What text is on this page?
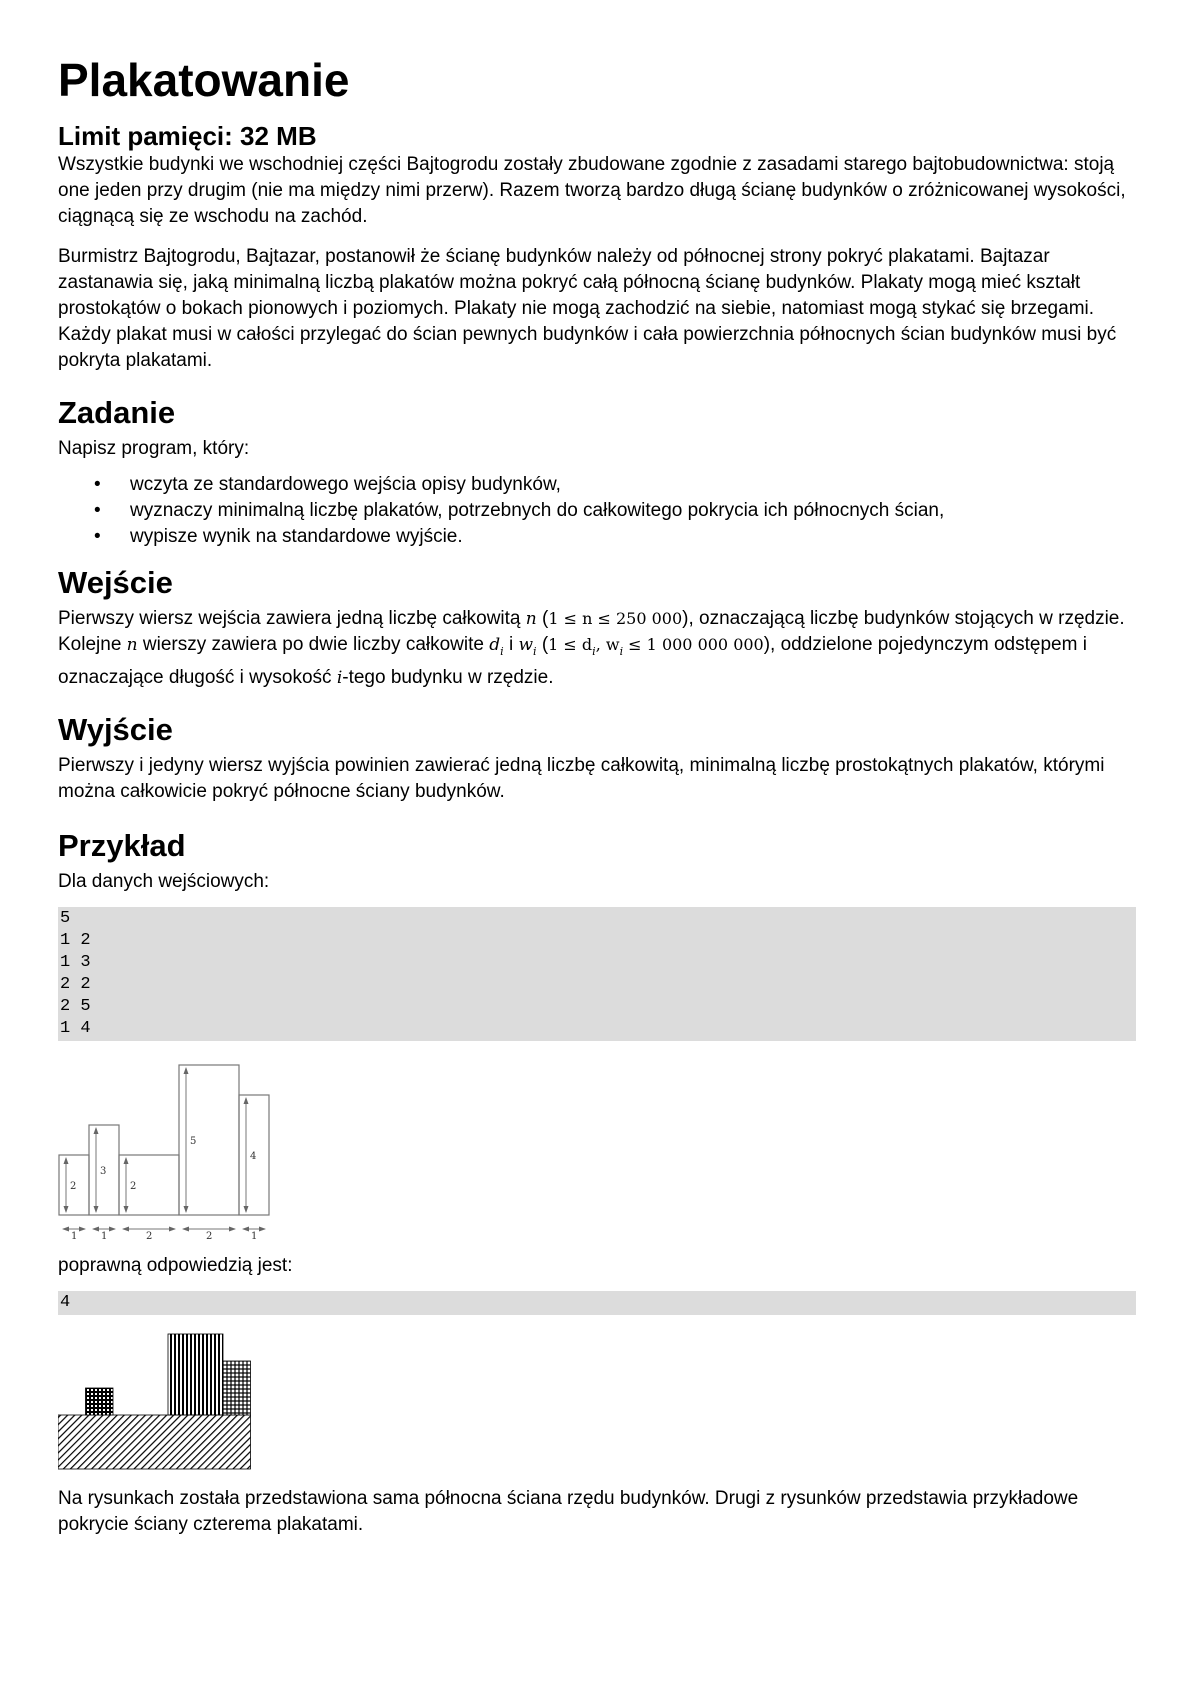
Plakatowanie
Limit pamięci: 32 MB

Wszystkie budynki we wschodniej części Bajtogrodu zostały zbudowane zgodnie z zasadami starego bajtobudownictwa: stoją one jeden przy drugim (nie ma między nimi przerw). Razem tworzą bardzo długą ścianę budynków o zróżnicowanej wysokości, ciągnącą się ze wschodu na zachód.

Burmistrz Bajtogrodu, Bajtazar, postanowił że ścianę budynków należy od północnej strony pokryć plakatami. Bajtazar zastanawia się, jaką minimalną liczbą plakatów można pokryć całą północną ścianę budynków. Plakaty mogą mieć kształt prostokątów o bokach pionowych i poziomych. Plakaty nie mogą zachodzić na siebie, natomiast mogą stykać się brzegami. Każdy plakat musi w całości przylegać do ścian pewnych budynków i cała powierzchnia północnych ścian budynków musi być pokryta plakatami.

Zadanie

Napisz program, który:

• wczyta ze standardowego wejścia opisy budynków,
• wyznaczy minimalną liczbę plakatów, potrzebnych do całkowitego pokrycia ich północnych ścian,
• wypisze wynik na standardowe wyjście.
Wejście

Pierwszy wiersz wejścia zawiera jedną liczbę całkowitą n (1 ≤ n ≤ 250 000), oznaczającą liczbę budynków stojących w rzędzie. Kolejne n wierszy zawiera po dwie liczby całkowite $d_i$ i $w_i$ ($1 \le d_i$, $w_i \le 1$ 000 000 000), oddzielone pojedynczym odstępem i oznaczające długość i wysokość i-tego budynku w rzędzie.

Wyjście

Pierwszy i jedyny wiersz wyjścia powinien zawierać jedną liczbę całkowitą, minimalną liczbę prostokątnych plakatów, którymi można całkowicie pokryć północne ściany budynków.

Przykład

Dla danych wejściowych:

5
1 2
1 3
2 2
2 5
1 4
2
1
3
1
2
2
5
2
4
1

poprawną odpowiedzią jest:

4

Na rysunkach została przedstawiona sama północna ściana rzędu budynków. Drugi z rysunków przedstawia przykładowe pokrycie ściany czterema plakatami.
